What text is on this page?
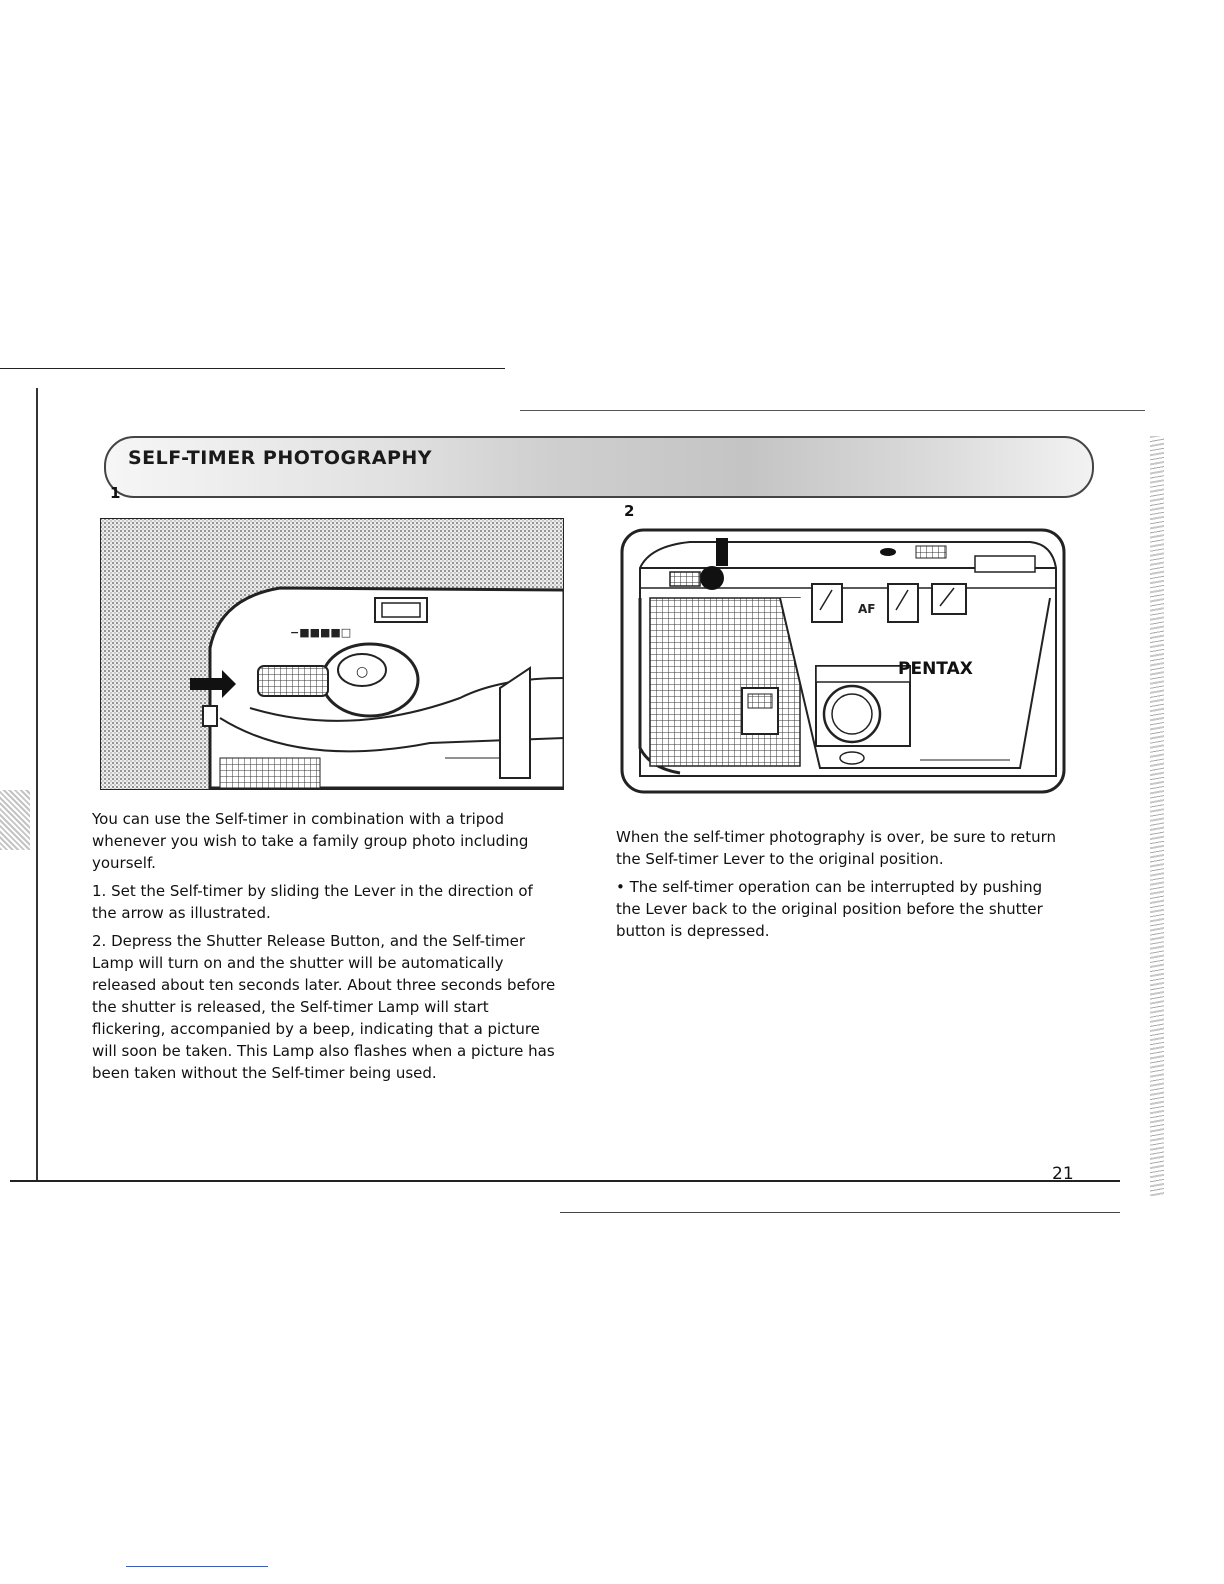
SELF-TIMER PHOTOGRAPHY
1
−■■■■□
○
2
AF
PENTAX

You can use the Self-timer in combination with a tripod whenever you wish to take a family group photo including yourself.

1. Set the Self-timer by sliding the Lever in the direction of the arrow as illustrated.

2. Depress the Shutter Release Button, and the Self-timer Lamp will turn on and the shutter will be automatically released about ten seconds later. About three seconds before the shutter is released, the Self-timer Lamp will start flickering, accompanied by a beep, indicating that a picture will soon be taken. This Lamp also flashes when a picture has been taken without the Self-timer being used.

When the self-timer photography is over, be sure to return the Self-timer Lever to the original position.

• The self-timer operation can be interrupted by pushing the Lever back to the original position before the shutter button is depressed.

21
